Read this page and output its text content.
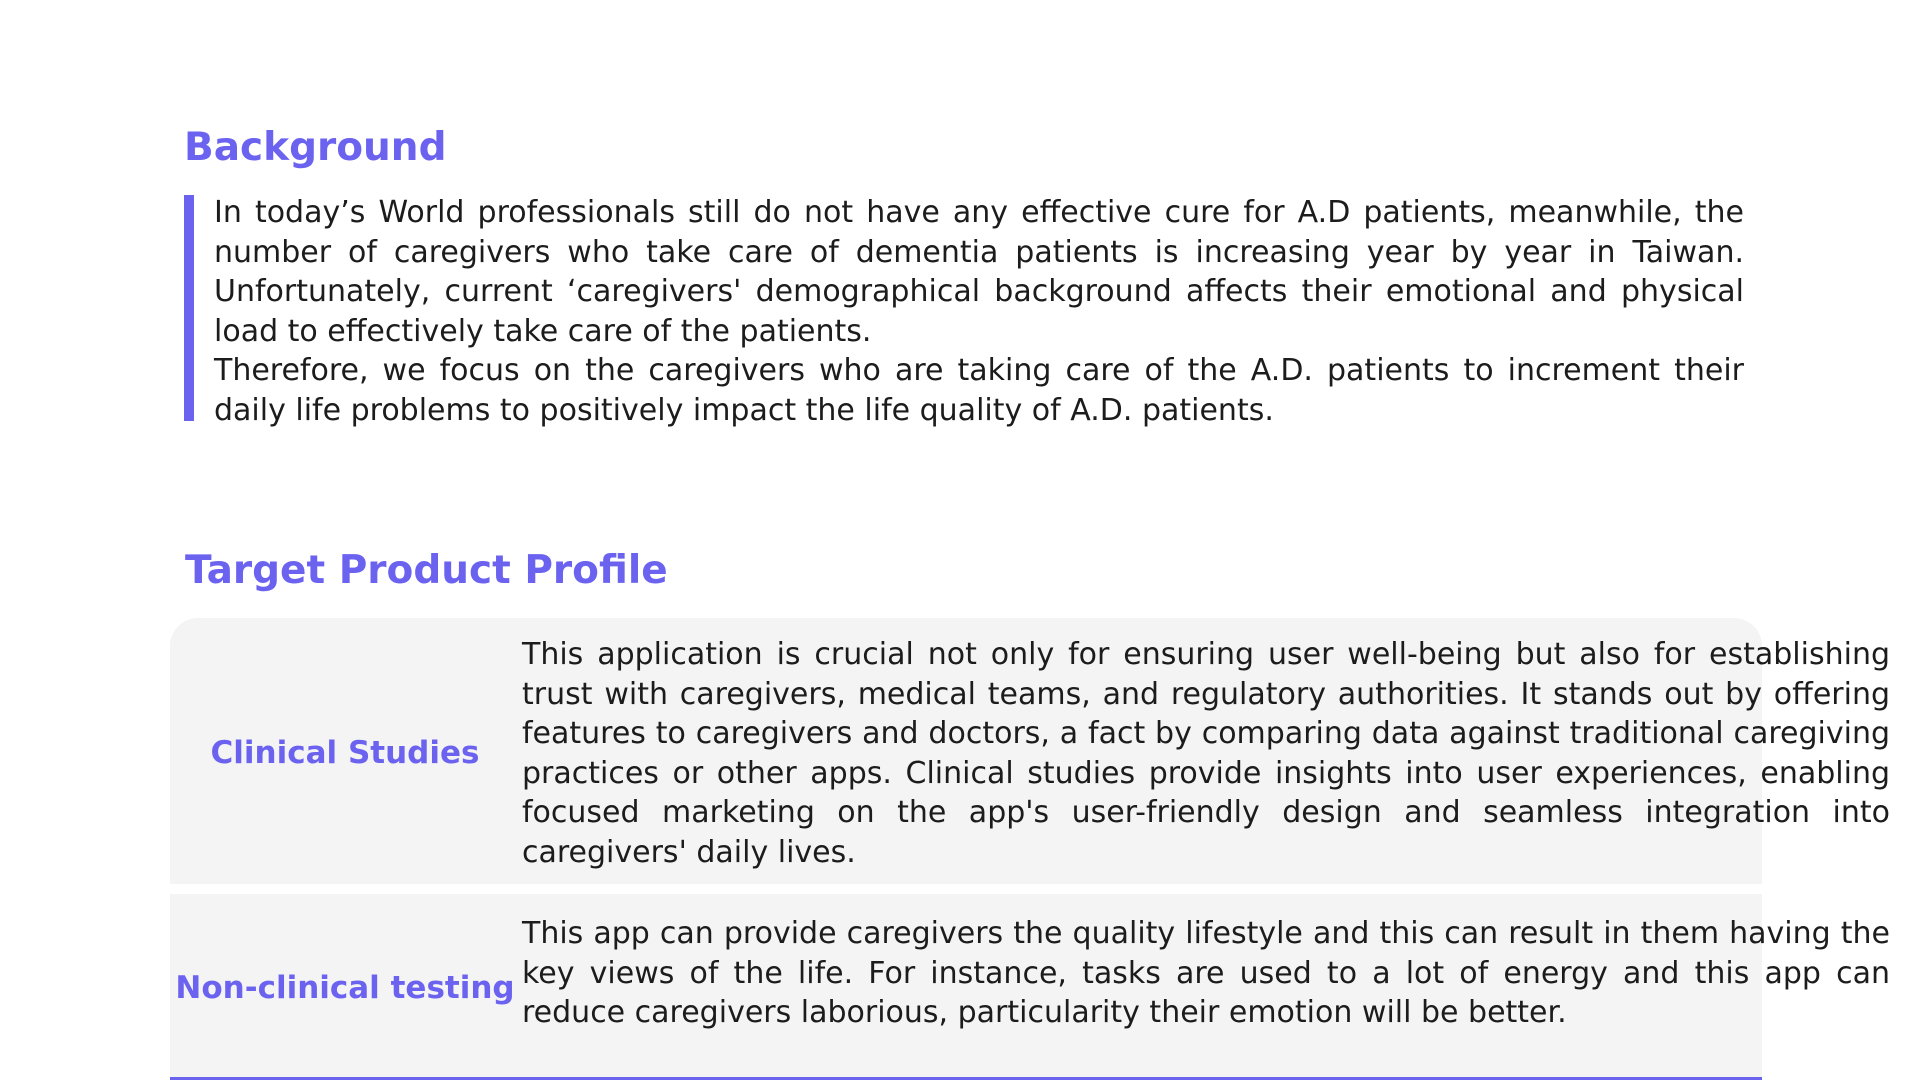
Background

In today’s World professionals still do not have any effective cure for A.D patients, meanwhile, the number of caregivers who take care of dementia patients is increasing year by year in Taiwan. Unfortunately, current ‘caregivers' demographical background affects their emotional and physical load to effectively take care of the patients.

Therefore, we focus on the caregivers who are taking care of the A.D. patients to increment their daily life problems to positively impact the life quality of A.D. patients.

Target Product Profile
Clinical Studies
This application is crucial not only for ensuring user well-being but also for establishing trust with caregivers, medical teams, and regulatory authorities. It stands out by offering features to caregivers and doctors, a fact by comparing data against traditional caregiving practices or other apps. Clinical studies provide insights into user experiences, enabling focused marketing on the app's user-friendly design and seamless integration into caregivers' daily lives.
Non-clinical testing
This app can provide caregivers the quality lifestyle and this can result in them having the key views of the life. For instance, tasks are used to a lot of energy and this app can reduce caregivers laborious, particularity their emotion will be better.
